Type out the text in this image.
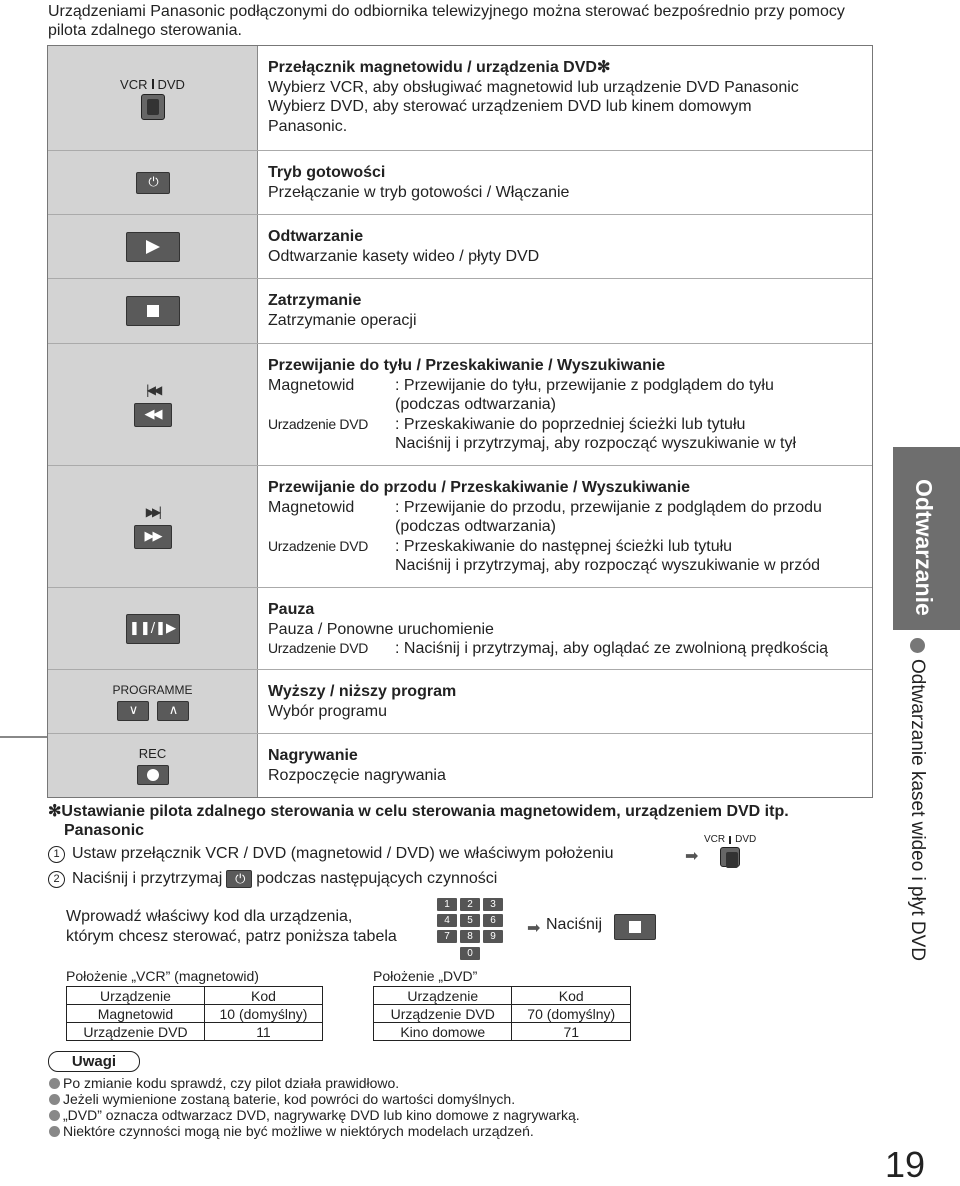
Urządzeniami Panasonic podłączonymi do odbiornika telewizyjnego można sterować bezpośrednio przy pomocy pilota zdalnego sterowania.
VCR DVD
Przełącznik magnetowidu / urządzenia DVD✻
Wybierz VCR, aby obsługiwać magnetowid lub urządzenie DVD Panasonic
Wybierz DVD, aby sterować urządzeniem DVD lub kinem domowym
Panasonic.
⏻
Tryb gotowości
Przełączanie w tryb gotowości / Włączanie
Odtwarzanie
Odtwarzanie kasety wideo / płyty DVD
Zatrzymanie
Zatrzymanie operacji
|◀◀
◀◀
Przewijanie do tyłu / Przeskakiwanie / Wyszukiwanie
Magnetowid	: Przewijanie do tyłu, przewijanie z podglądem do tyłu
(podczas odtwarzania)
Urzadzenie DVD : Przeskakiwanie do poprzedniej ścieżki lub tytułu
Naciśnij i przytrzymaj, aby rozpocząć wyszukiwanie w tył
▶▶|
▶▶
Przewijanie do przodu / Przeskakiwanie / Wyszukiwanie
Magnetowid	: Przewijanie do przodu, przewijanie z podglądem do przodu
(podczas odtwarzania)
Urzadzenie DVD : Przeskakiwanie do następnej ścieżki lub tytułu
Naciśnij i przytrzymaj, aby rozpocząć wyszukiwanie w przód
❚❚/❚▶
Pauza
Pauza / Ponowne uruchomienie
Urzadzenie DVD : Naciśnij i przytrzymaj, aby oglądać ze zwolnioną prędkością
PROGRAMME
∨ ∧
Wyższy / niższy program
Wybór programu
REC	Nagrywanie
Rozpoczęcie nagrywania
✻Ustawianie pilota zdalnego sterowania w celu sterowania magnetowidem, urządzeniem DVD itp.
Panasonic
1 Ustaw przełącznik VCR / DVD (magnetowid / DVD) we właściwym położeniu	➡
VCR DVD
2 Naciśnij i przytrzymaj ⏻ podczas następujących czynności
Wprowadź właściwy kod dla urządzenia,
którym chcesz sterować, patrz poniższa tabela
1	2	3
4	5	6
7	8	9
0
➡ Naciśnij
Położenie „VCR” (magnetowid)
Urządzenie	Kod
Magnetowid	10 (domyślny)
Urządzenie DVD	11
Położenie „DVD”
Urządzenie	Kod
Urządzenie DVD	70 (domyślny)
Kino domowe	71
Uwagi
Po zmianie kodu sprawdź, czy pilot działa prawidłowo.
Jeżeli wymienione zostaną baterie, kod powróci do wartości domyślnych.
„DVD” oznacza odtwarzacz DVD, nagrywarkę DVD lub kino domowe z nagrywarką.
Niektóre czynności mogą nie być możliwe w niektórych modelach urządzeń.
Odtwarzanie
Odtwarzanie kaset wideo i płyt DVD
19
